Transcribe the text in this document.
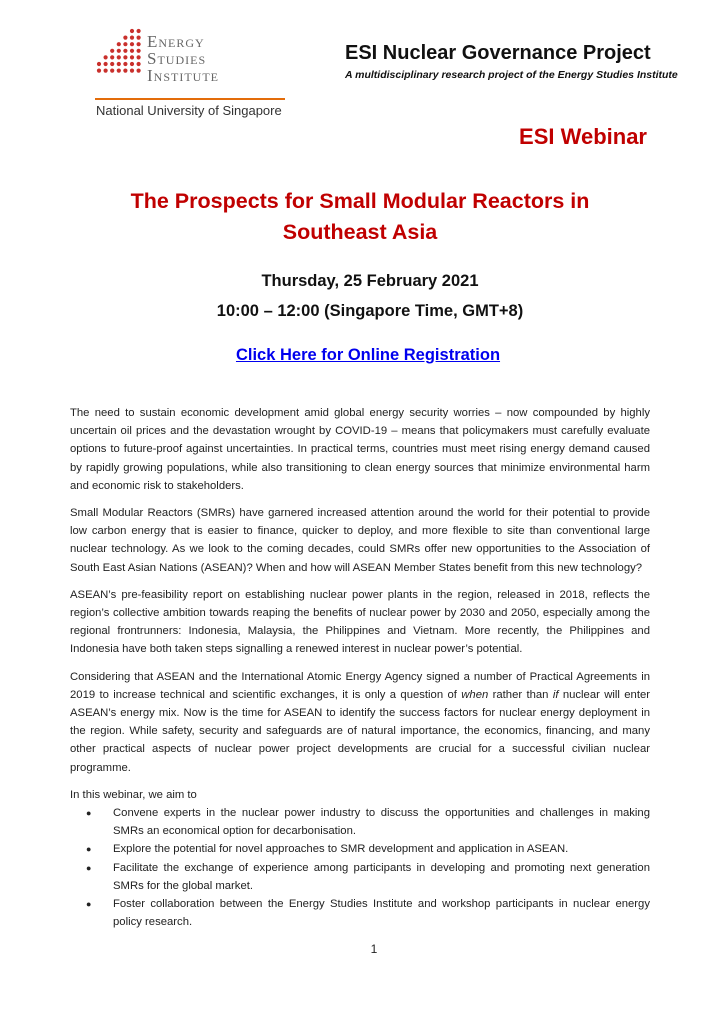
Energy
Studies
Institute
National University of Singapore
ESI Nuclear Governance Project
A multidisciplinary research project of the Energy Studies Institute
ESI Webinar
The Prospects for Small Modular Reactors in
Southeast Asia
Thursday, 25 February 2021
10:00 – 12:00 (Singapore Time, GMT+8)
Click Here for Online Registration

The need to sustain economic development amid global energy security worries – now compounded by highly uncertain oil prices and the devastation wrought by COVID-19 – means that policymakers must carefully evaluate options to future-proof against uncertainties. In practical terms, countries must meet rising energy demand caused by rapidly growing populations, while also transitioning to clean energy sources that minimize environmental harm and economic risk to stakeholders.

Small Modular Reactors (SMRs) have garnered increased attention around the world for their potential to provide low carbon energy that is easier to finance, quicker to deploy, and more flexible to site than conventional large nuclear technology. As we look to the coming decades, could SMRs offer new opportunities to the Association of South East Asian Nations (ASEAN)? When and how will ASEAN Member States benefit from this new technology?

ASEAN’s pre-feasibility report on establishing nuclear power plants in the region, released in 2018, reflects the region’s collective ambition towards reaping the benefits of nuclear power by 2030 and 2050, especially among the regional frontrunners: Indonesia, Malaysia, the Philippines and Vietnam. More recently, the Philippines and Indonesia have both taken steps signalling a renewed interest in nuclear power’s potential.

Considering that ASEAN and the International Atomic Energy Agency signed a number of Practical Agreements in 2019 to increase technical and scientific exchanges, it is only a question of when rather than if nuclear will enter ASEAN’s energy mix. Now is the time for ASEAN to identify the success factors for nuclear energy deployment in the region. While safety, security and safeguards are of natural importance, the economics, financing, and many other practical aspects of nuclear power project developments are crucial for a successful civilian nuclear programme.

In this webinar, we aim to
● Convene experts in the nuclear power industry to discuss the opportunities and challenges in making SMRs an economical option for decarbonisation.
● Explore the potential for novel approaches to SMR development and application in ASEAN.
● Facilitate the exchange of experience among participants in developing and promoting next generation SMRs for the global market.
● Foster collaboration between the Energy Studies Institute and workshop participants in nuclear energy policy research.
1
